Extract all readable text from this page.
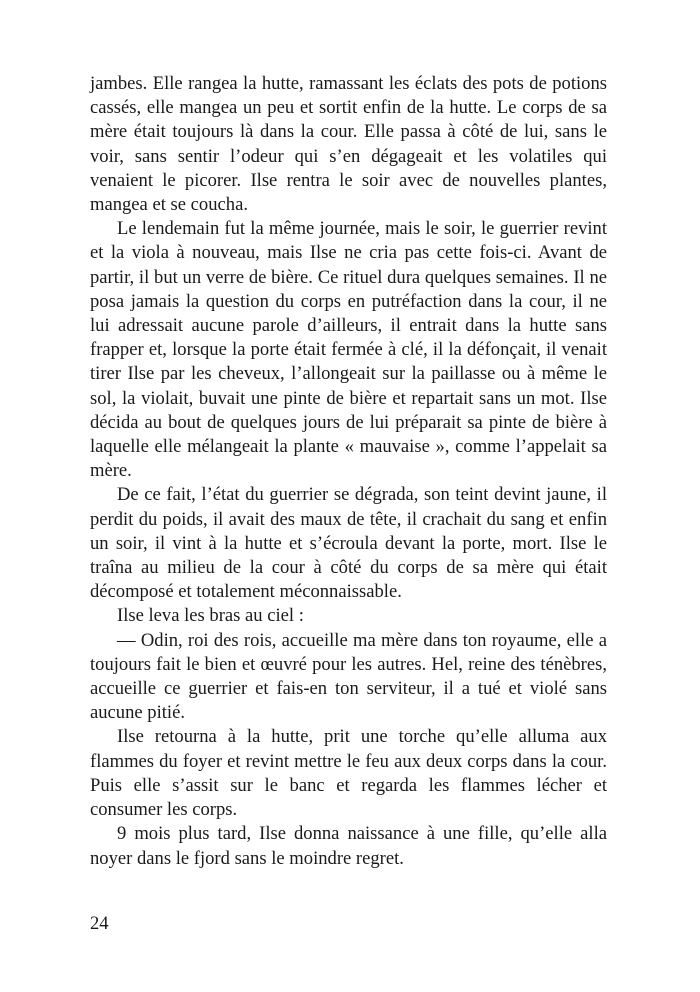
jambes. Elle rangea la hutte, ramassant les éclats des pots de potions cassés, elle mangea un peu et sortit enfin de la hutte. Le corps de sa mère était toujours là dans la cour. Elle passa à côté de lui, sans le voir, sans sentir l’odeur qui s’en dégageait et les volatiles qui venaient le picorer. Ilse rentra le soir avec de nouvelles plantes, mangea et se coucha.

Le lendemain fut la même journée, mais le soir, le guerrier revint et la viola à nouveau, mais Ilse ne cria pas cette fois-ci. Avant de partir, il but un verre de bière. Ce rituel dura quelques semaines. Il ne posa jamais la question du corps en putréfaction dans la cour, il ne lui adressait aucune parole d’ailleurs, il entrait dans la hutte sans frapper et, lorsque la porte était fermée à clé, il la défonçait, il venait tirer Ilse par les cheveux, l’allongeait sur la paillasse ou à même le sol, la violait, buvait une pinte de bière et repartait sans un mot. Ilse décida au bout de quelques jours de lui préparait sa pinte de bière à laquelle elle mélangeait la plante « mauvaise », comme l’appelait sa mère.

De ce fait, l’état du guerrier se dégrada, son teint devint jaune, il perdit du poids, il avait des maux de tête, il crachait du sang et enfin un soir, il vint à la hutte et s’écroula devant la porte, mort. Ilse le traîna au milieu de la cour à côté du corps de sa mère qui était décomposé et totalement méconnaissable.

Ilse leva les bras au ciel :

— Odin, roi des rois, accueille ma mère dans ton royaume, elle a toujours fait le bien et œuvré pour les autres. Hel, reine des ténèbres, accueille ce guerrier et fais-en ton serviteur, il a tué et violé sans aucune pitié.

Ilse retourna à la hutte, prit une torche qu’elle alluma aux flammes du foyer et revint mettre le feu aux deux corps dans la cour. Puis elle s’assit sur le banc et regarda les flammes lécher et consumer les corps.

9 mois plus tard, Ilse donna naissance à une fille, qu’elle alla noyer dans le fjord sans le moindre regret.

24
